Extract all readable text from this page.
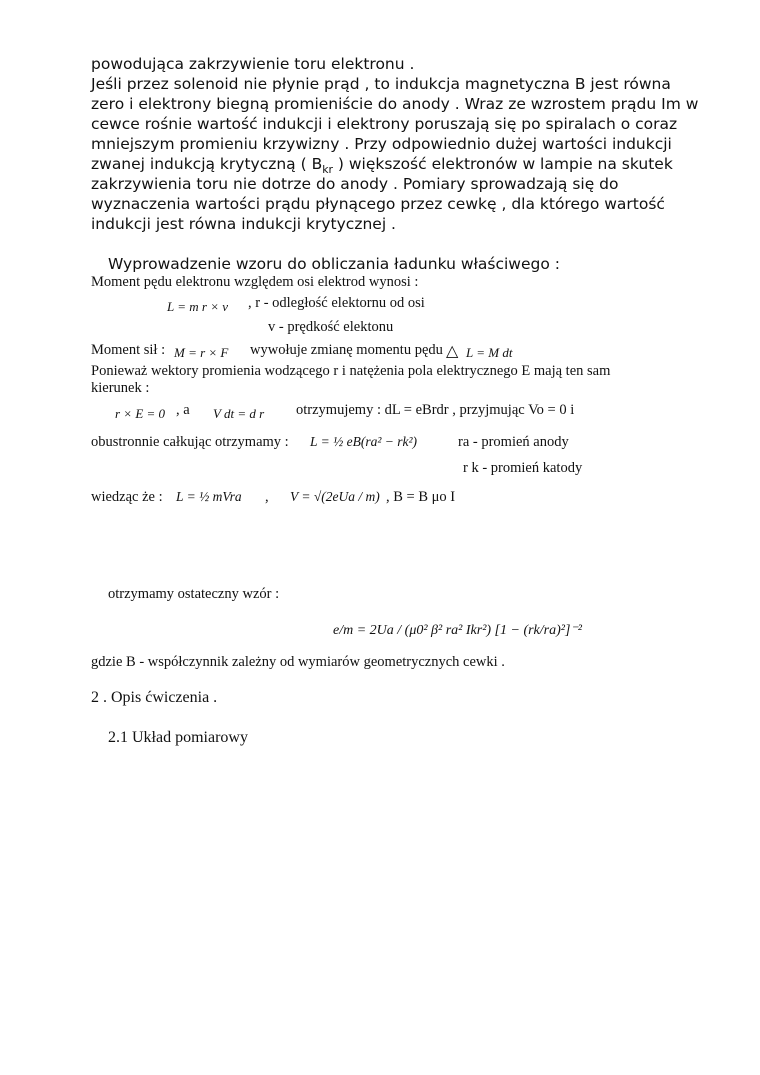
powodująca zakrzywienie toru elektronu .
Jeśli przez solenoid nie płynie prąd , to indukcja magnetyczna B jest równa
zero i elektrony biegną promieniście do anody . Wraz ze wzrostem prądu Im w
cewce rośnie wartość indukcji i elektrony poruszają się po spiralach o coraz
mniejszym promieniu krzywizny . Przy odpowiednio dużej wartości indukcji
zwanej indukcją krytyczną ( $B_{kr}$ ) większość elektronów w lampie na skutek
zakrzywienia toru nie dotrze do anody . Pomiary sprowadzają się do
wyznaczenia wartości prądu płynącego przez cewkę , dla którego wartość
indukcji jest równa indukcji krytycznej .
Wyprowadzenie wzoru do obliczania ładunku właściwego :
Moment pędu elektronu względem osi elektrod wynosi :
L = m r × v , r - odległość elektornu od osi
v - prędkość elektonu
Moment sił : M = r × F wywołuje zmianę momentu pędu △ L = M dt
Ponieważ wektory promienia wodzącego r i natężenia pola elektrycznego E mają ten sam
kierunek :
r × E = 0 , a V dt = d r otrzymujemy : dL = eBrdr , przyjmując Vo = 0 i
obustronnie całkując otrzymamy : L = ½ eB(ra² − rk²)	ra - promień anody
r k - promień katody
wiedząc że : L = ½ mVra , V = √(2eUa / m) , B = B μo I
otrzymamy ostateczny wzór :
e/m = 2Ua / (μ0² β² ra² Ikr²) [1 − (rk/ra)²]⁻²
gdzie B - współczynnik zależny od wymiarów geometrycznych cewki .
2 . Opis ćwiczenia .
2.1 Układ pomiarowy
